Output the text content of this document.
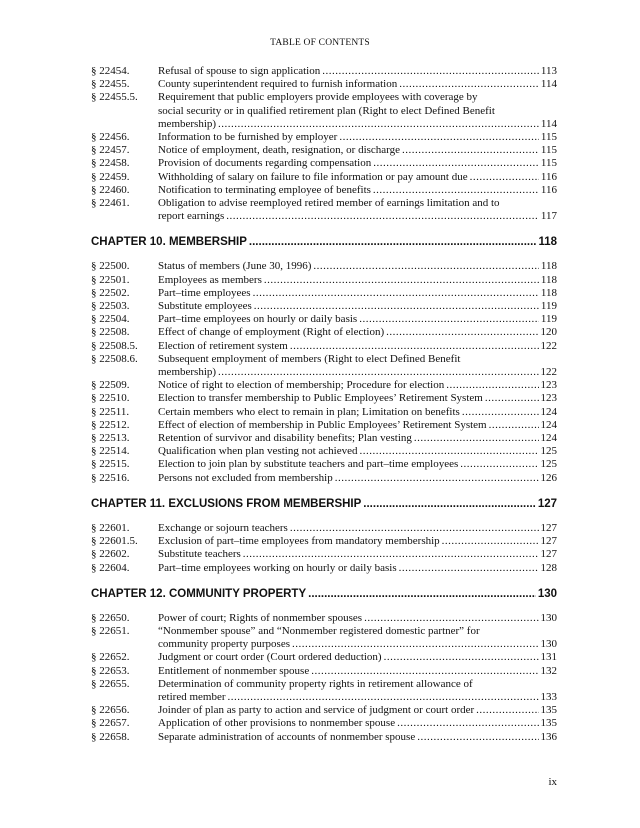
TABLE OF CONTENTS
§ 22454.	Refusal of spouse to sign application .....	113
§ 22455.	County superintendent required to furnish information .....	114
§ 22455.5. Requirement that public employers provide employees with coverage by
social security or in qualified retirement plan (Right to elect Defined Benefit
membership) .....	114
§ 22456.	Information to be furnished by employer .....	115
§ 22457.	Notice of employment, death, resignation, or discharge .....	115
§ 22458.	Provision of documents regarding compensation .....	115
§ 22459.	Withholding of salary on failure to file information or pay amount due .....	116
§ 22460.	Notification to terminating employee of benefits .....	116
§ 22461.	Obligation to advise reemployed retired member of earnings limitation and to
report earnings .....	117
CHAPTER 10. MEMBERSHIP .....	118
§ 22500.	Status of members (June 30, 1996) .....	118
§ 22501.	Employees as members .....	118
§ 22502.	Part–time employees .....	118
§ 22503.	Substitute employees .....	119
§ 22504.	Part–time employees on hourly or daily basis .....	119
§ 22508.	Effect of change of employment (Right of election) .....	120
§ 22508.5. Election of retirement system .....	122
§ 22508.6. Subsequent employment of members (Right to elect Defined Benefit
membership) .....	122
§ 22509.	Notice of right to election of membership; Procedure for election .....	123
§ 22510.	Election to transfer membership to Public Employees’ Retirement System .....	123
§ 22511.	Certain members who elect to remain in plan; Limitation on benefits .....	124
§ 22512.	Effect of election of membership in Public Employees’ Retirement System .....	124
§ 22513.	Retention of survivor and disability benefits; Plan vesting .....	124
§ 22514.	Qualification when plan vesting not achieved .....	125
§ 22515.	Election to join plan by substitute teachers and part–time employees .....	125
§ 22516.	Persons not excluded from membership .....	126
CHAPTER 11. EXCLUSIONS FROM MEMBERSHIP .....	127
§ 22601.	Exchange or sojourn teachers .....	127
§ 22601.5. Exclusion of part–time employees from mandatory membership .....	127
§ 22602.	Substitute teachers .....	127
§ 22604.	Part–time employees working on hourly or daily basis .....	128
CHAPTER 12. COMMUNITY PROPERTY .....	130
§ 22650.	Power of court; Rights of nonmember spouses .....	130
§ 22651.	“Nonmember spouse” and “Nonmember registered domestic partner” for
community property purposes .....	130
§ 22652.	Judgment or court order (Court ordered deduction) .....	131
§ 22653.	Entitlement of nonmember spouse .....	132
§ 22655.	Determination of community property rights in retirement allowance of
retired member .....	133
§ 22656.	Joinder of plan as party to action and service of judgment or court order .....	135
§ 22657.	Application of other provisions to nonmember spouse .....	135
§ 22658.	Separate administration of accounts of nonmember spouse .....	136
ix
